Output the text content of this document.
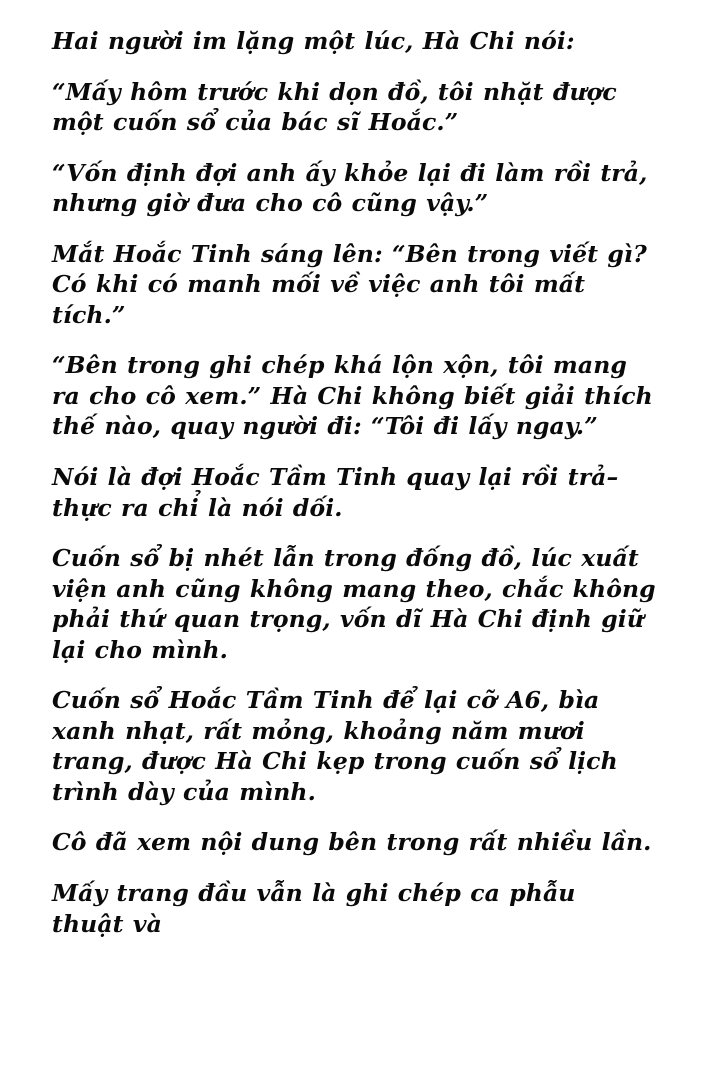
Hai người im lặng một lúc, Hà Chi nói:

“Mấy hôm trước khi dọn đồ, tôi nhặt được một cuốn sổ của bác sĩ Hoắc.”

“Vốn định đợi anh ấy khỏe lại đi làm rồi trả, nhưng giờ đưa cho cô cũng vậy.”

Mắt Hoắc Tinh sáng lên: “Bên trong viết gì? Có khi có manh mối về việc anh tôi mất tích.”

“Bên trong ghi chép khá lộn xộn, tôi mang ra cho cô xem.” Hà Chi không biết giải thích thế nào, quay người đi: “Tôi đi lấy ngay.”

Nói là đợi Hoắc Tầm Tinh quay lại rồi trả–thực ra chỉ là nói dối.

Cuốn sổ bị nhét lẫn trong đống đồ, lúc xuất viện anh cũng không mang theo, chắc không phải thứ quan trọng, vốn dĩ Hà Chi định giữ lại cho mình.

Cuốn sổ Hoắc Tầm Tinh để lại cỡ A6, bìa xanh nhạt, rất mỏng, khoảng năm mươi trang, được Hà Chi kẹp trong cuốn sổ lịch trình dày của mình.

Cô đã xem nội dung bên trong rất nhiều lần.

Mấy trang đầu vẫn là ghi chép ca phẫu thuật và
